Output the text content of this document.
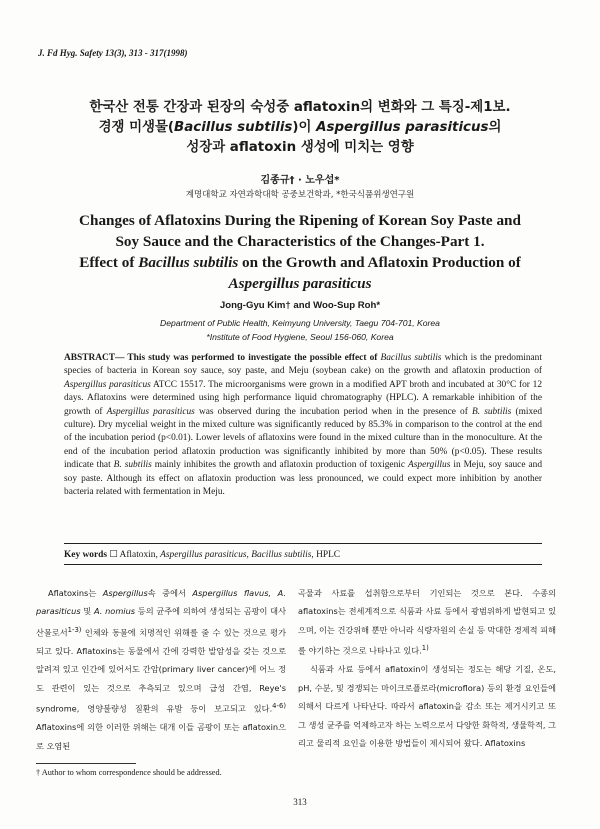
J. Fd Hyg. Safety 13(3), 313 - 317(1998)
한국산 전통 간장과 된장의 숙성중 aflatoxin의 변화와 그 특징-제1보.
경쟁 미생물(Bacillus subtilis)이 Aspergillus parasiticus의
성장과 aflatoxin 생성에 미치는 영향
김종규† · 노우섭*
계명대학교 자연과학대학 공중보건학과, *한국식품위생연구원
Changes of Aflatoxins During the Ripening of Korean Soy Paste and
Soy Sauce and the Characteristics of the Changes-Part 1.
Effect of Bacillus subtilis on the Growth and Aflatoxin Production of
Aspergillus parasiticus
Jong-Gyu Kim† and Woo-Sup Roh*
Department of Public Health, Keimyung University, Taegu 704-701, Korea
*Institute of Food Hygiene, Seoul 156-060, Korea
ABSTRACT— This study was performed to investigate the possible effect of Bacillus subtilis which is the predominant species of bacteria in Korean soy sauce, soy paste, and Meju (soybean cake) on the growth and aflatoxin production of Aspergillus parasiticus ATCC 15517. The microorganisms were grown in a modified APT broth and incubated at 30°C for 12 days. Aflatoxins were determined using high performance liquid chromatography (HPLC). A remarkable inhibition of the growth of Aspergillus parasiticus was observed during the incubation period when in the presence of B. subtilis (mixed culture). Dry mycelial weight in the mixed culture was significantly reduced by 85.3% in comparison to the control at the end of the incubation period (p<0.01). Lower levels of aflatoxins were found in the mixed culture than in the monoculture. At the end of the incubation period aflatoxin production was significantly inhibited by more than 50% (p<0.05). These results indicate that B. subtilis mainly inhibites the growth and aflatoxin production of toxigenic Aspergillus in Meju, soy sauce and soy paste. Although its effect on aflatoxin production was less pronounced, we could expect more inhibition by another bacteria related with fermentation in Meju.
Key words ☐ Aflatoxin, Aspergillus parasiticus, Bacillus subtilis, HPLC

Aflatoxins는 Aspergillus속 중에서 Aspergillus flavus, A. parasiticus 및 A. nomius 등의 균주에 의하여 생성되는 곰팡이 대사산물로서$^{1-3)}$ 인체와 동물에 치명적인 위해를 줄 수 있는 것으로 평가되고 있다. Aflatoxins는 동물에서 간에 강력한 발암성을 갖는 것으로 알려져 있고 인간에 있어서도 간암(primary liver cancer)에 어느 정도 관련이 있는 것으로 추측되고 있으며 급성 간염, Reye's syndrome, 영양불량성 질환의 유발 등이 보고되고 있다.$^{4-6)}$ Aflatoxins에 의한 이러한 위해는 대개 이들 곰팡이 또는 aflatoxin으로 오염된

곡물과 사료를 섭취함으로부터 기인되는 것으로 본다. 수종의 aflatoxins는 전세계적으로 식품과 사료 등에서 광범위하게 발현되고 있으며, 이는 건강위해 뿐만 아니라 식량자원의 손실 등 막대한 경제적 피해를 야기하는 것으로 나타나고 있다.$^{1)}$

식품과 사료 등에서 aflatoxin이 생성되는 정도는 해당 기질, 온도, pH, 수분, 및 경쟁되는 마이크로플로라(microflora) 등의 환경 요인들에 의해서 다르게 나타난다. 따라서 aflatoxin을 감소 또는 제거시키고 또 그 생성 균주를 억제하고자 하는 노력으로서 다양한 화학적, 생물학적, 그리고 물리적 요인을 이용한 방법들이 제시되어 왔다. Aflatoxins

† Author to whom correspondence should be addressed.
313
